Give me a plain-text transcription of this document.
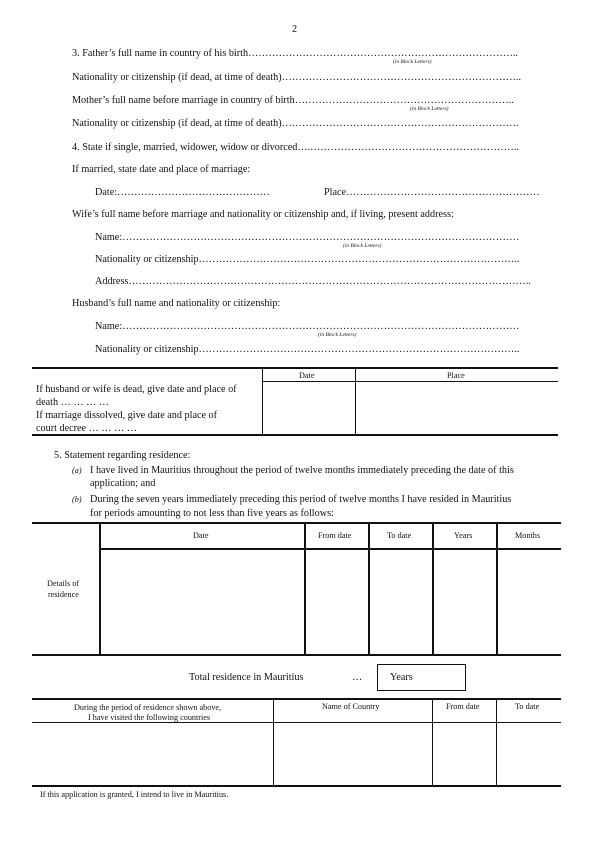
2
3. Father’s full name in country of his birth……………………………………………………………………..
(in Block Letters)
Nationality or citizenship (if dead, at time of death)……………………………………………………………..
Mother’s full name before marriage in country of birth………………………………………………………..
(in Block Letters)
Nationality or citizenship (if dead, at time of death)…………………………………………………………….
4. State if single, married, widower, widow or divorced….……………………………………………………..
If married, state date and place of marriage:
Date:………………………………………	Place…………………………………………………
Wife’s full name before marriage and nationality or citizenship and, if living, present address:
Name:………………………………………………………………………………………………………
(in Block Letters)
Nationality or citizenship…………………………………………………………………………………..
Address………………………………………………………………………………………………………..
Husband’s full name and nationality or citizenship:
Name:………………………………………………………………………………………………………
(in Block Letters)
Nationality or citizenship…………………………………………………………………………………..
Date	Place
If husband or wife is dead, give date and place of
death … … … …
If marriage dissolved, give date and place of
court decree … … … …
5. Statement regarding residence:
(a) I have lived in Mauritius throughout the period of twelve months immediately preceding the date of this
application; and
(b) During the seven years immediately preceding this period of twelve months I have resided in Mauritius
for periods amounting to not less than five years as follows:
Date	From date	To date	Years	Months
Details of
residence
Total residence in Mauritius	…	Years
During the period of residence shown above,
I have visited the following countries
Name of Country	From date	To date
If this application is granted, I intend to live in Mauritius.
